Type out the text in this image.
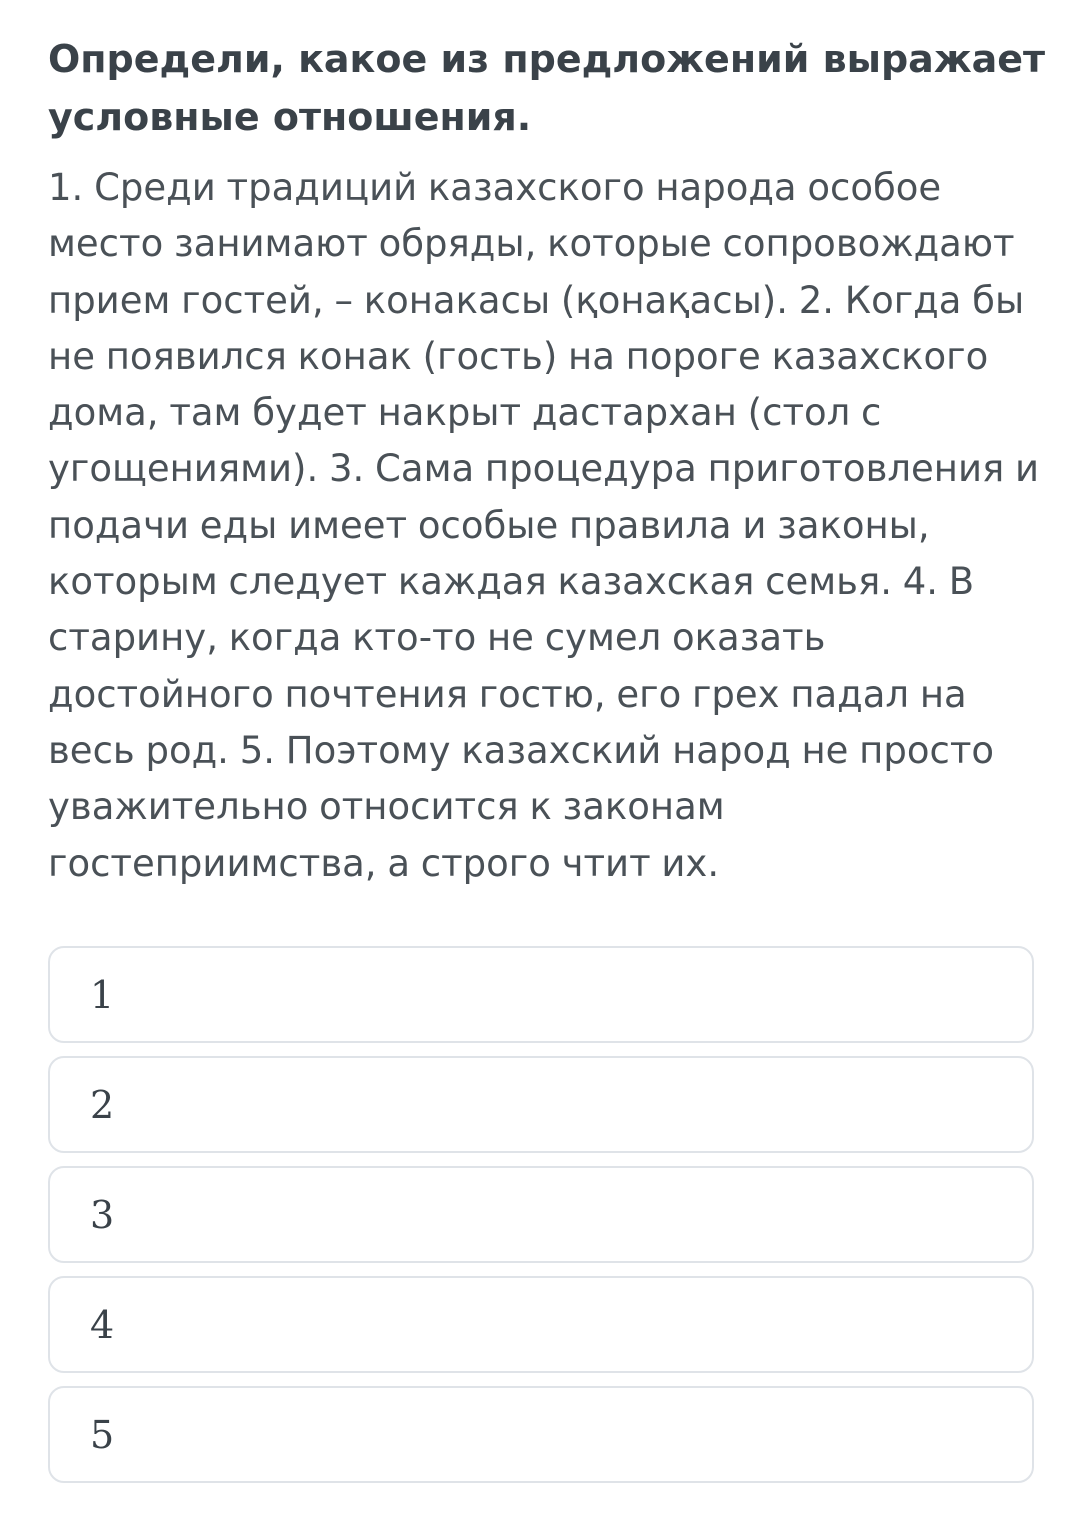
Определи, какое из предложений выражает условные отношения.
1. Среди традиций казахского народа особое место занимают обряды, которые сопровождают прием гостей, – конакасы (қонақасы). 2. Когда бы не появился конак (гость) на пороге казахского дома, там будет накрыт дастархан (стол с угощениями). 3. Сама процедура приготовления и подачи еды имеет особые правила и законы, которым следует каждая казахская семья. 4. В старину, когда кто-то не сумел оказать достойного почтения гостю, его грех падал на весь род. 5. Поэтому казахский народ не просто уважительно относится к законам гостеприимства, а строго чтит их.
1
2
3
4
5
